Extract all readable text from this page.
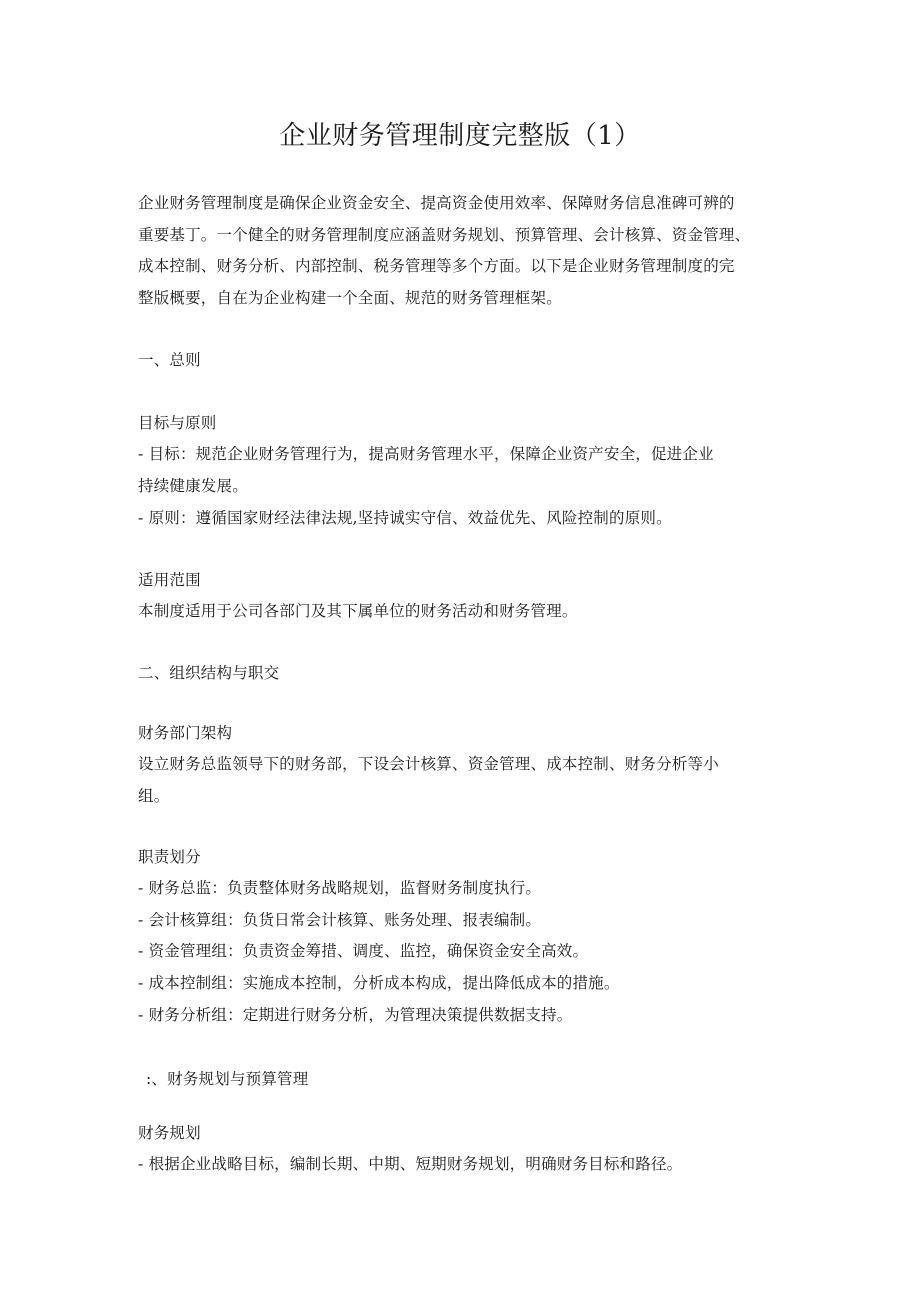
企业财务管理制度完整版（1）

企业财务管理制度是确保企业资金安全、提高资金使用效率、保障财务信息准碑可辨的

重要基丁。一个健全的财务管理制度应涵盖财务规划、预算管理、会计核算、资金管理、

成本控制、财务分析、内部控制、税务管理等多个方面。以下是企业财务管理制度的完

整版概要，自在为企业构建一个全面、规范的财务管理框架。

一、总则

目标与原则

- 目标：规范企业财务管理行为，提高财务管理水平，保障企业资产安全，促进企业

持续健康发展。

- 原则：遵循国家财经法律法规,坚持诚实守信、效益优先、风险控制的原则。

适用范围

本制度适用于公司各部门及其下属单位的财务活动和财务管理。

二、组织结构与职交

财务部门架构

设立财务总监领导下的财务部，下设会计核算、资金管理、成本控制、财务分析等小

组。

职责划分

- 财务总监：负责整体财务战略规划，监督财务制度执行。

- 会计核算组：负货日常会计核算、账务处理、报表编制。

- 资金管理组：负责资金筹措、调度、监控，确保资金安全高效。

- 成本控制组：实施成本控制，分析成本构成，提出降低成本的措施。

- 财务分析组：定期进行财务分析，为管理决策提供数据支持。

:、财务规划与预算管理

财务规划

- 根据企业战略目标，编制长期、中期、短期财务规划，明确财务目标和路径。
